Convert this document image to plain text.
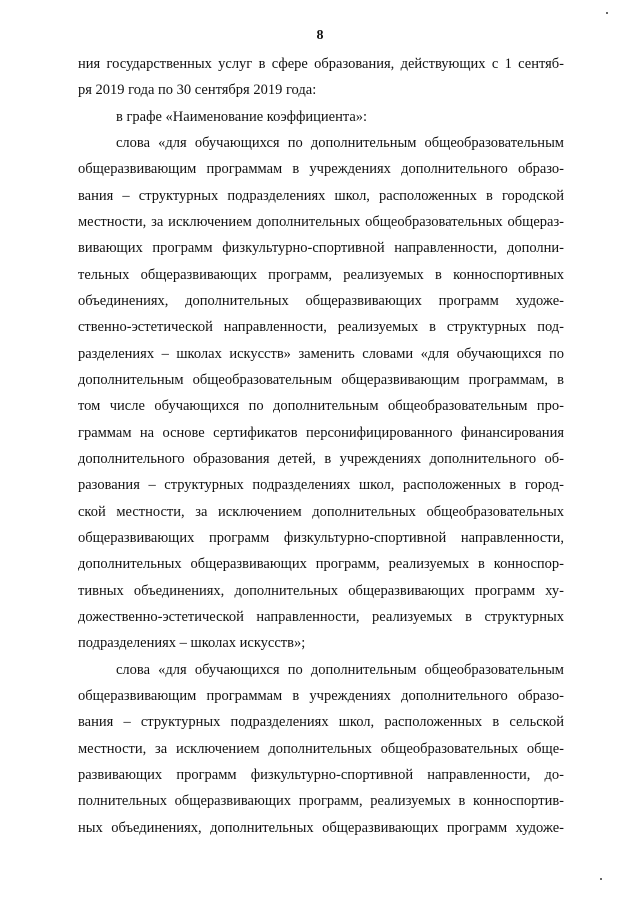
8
ния государственных услуг в сфере образования, действующих с 1 сентяб-
ря 2019 года по 30 сентября 2019 года:
в графе «Наименование коэффициента»:
слова «для обучающихся по дополнительным общеобразовательным
общеразвивающим программам в учреждениях дополнительного образо-
вания – структурных подразделениях школ, расположенных в городской
местности, за исключением дополнительных общеобразовательных общераз-
вивающих программ физкультурно-спортивной направленности, дополни-
тельных общеразвивающих программ, реализуемых в конноспортивных
объединениях, дополнительных общеразвивающих программ художе-
ственно-эстетической направленности, реализуемых в структурных под-
разделениях – школах искусств» заменить словами «для обучающихся по
дополнительным общеобразовательным общеразвивающим программам, в
том числе обучающихся по дополнительным общеобразовательным про-
граммам на основе сертификатов персонифицированного финансирования
дополнительного образования детей, в учреждениях дополнительного об-
разования – структурных подразделениях школ, расположенных в город-
ской местности, за исключением дополнительных общеобразовательных
общеразвивающих программ физкультурно-спортивной направленности,
дополнительных общеразвивающих программ, реализуемых в конноспор-
тивных объединениях, дополнительных общеразвивающих программ ху-
дожественно-эстетической направленности, реализуемых в структурных
подразделениях – школах искусств»;
слова «для обучающихся по дополнительным общеобразовательным
общеразвивающим программам в учреждениях дополнительного образо-
вания – структурных подразделениях школ, расположенных в сельской
местности, за исключением дополнительных общеобразовательных обще-
развивающих программ физкультурно-спортивной направленности, до-
полнительных общеразвивающих программ, реализуемых в конноспортив-
ных объединениях, дополнительных общеразвивающих программ художе-
